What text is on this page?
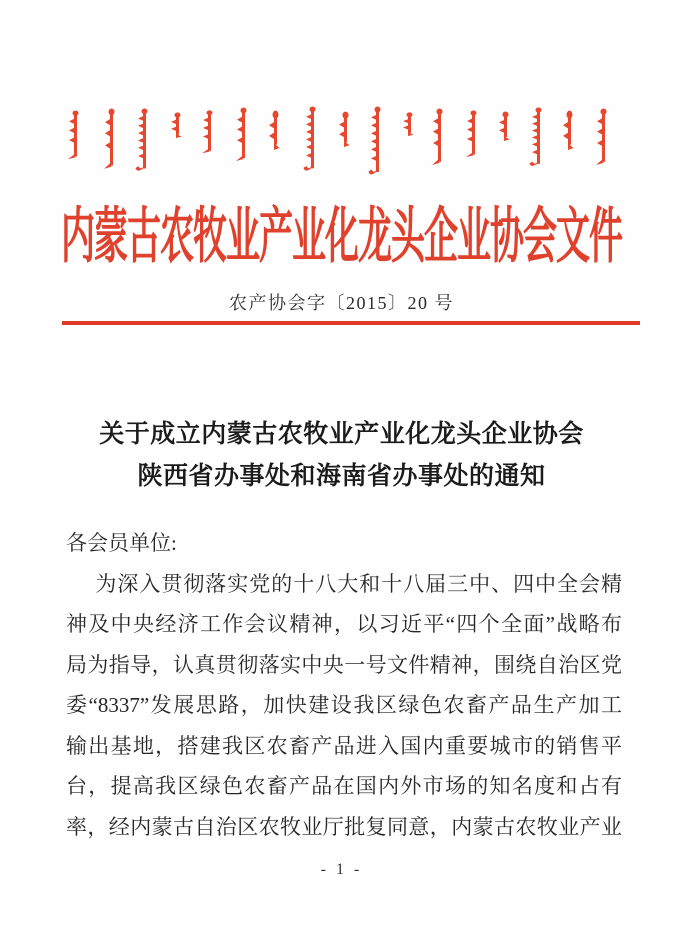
内蒙古农牧业产业化龙头企业协会文件
农产协会字〔2015〕20 号
关于成立内蒙古农牧业产业化龙头企业协会
陕西省办事处和海南省办事处的通知
各会员单位:
为深入贯彻落实党的十八大和十八届三中、四中全会精
神及中央经济工作会议精神，以习近平“四个全面”战略布
局为指导，认真贯彻落实中央一号文件精神，围绕自治区党
委“8337”发展思路，加快建设我区绿色农畜产品生产加工
输出基地，搭建我区农畜产品进入国内重要城市的销售平
台，提高我区绿色农畜产品在国内外市场的知名度和占有
率，经内蒙古自治区农牧业厅批复同意，内蒙古农牧业产业
- 1 -
